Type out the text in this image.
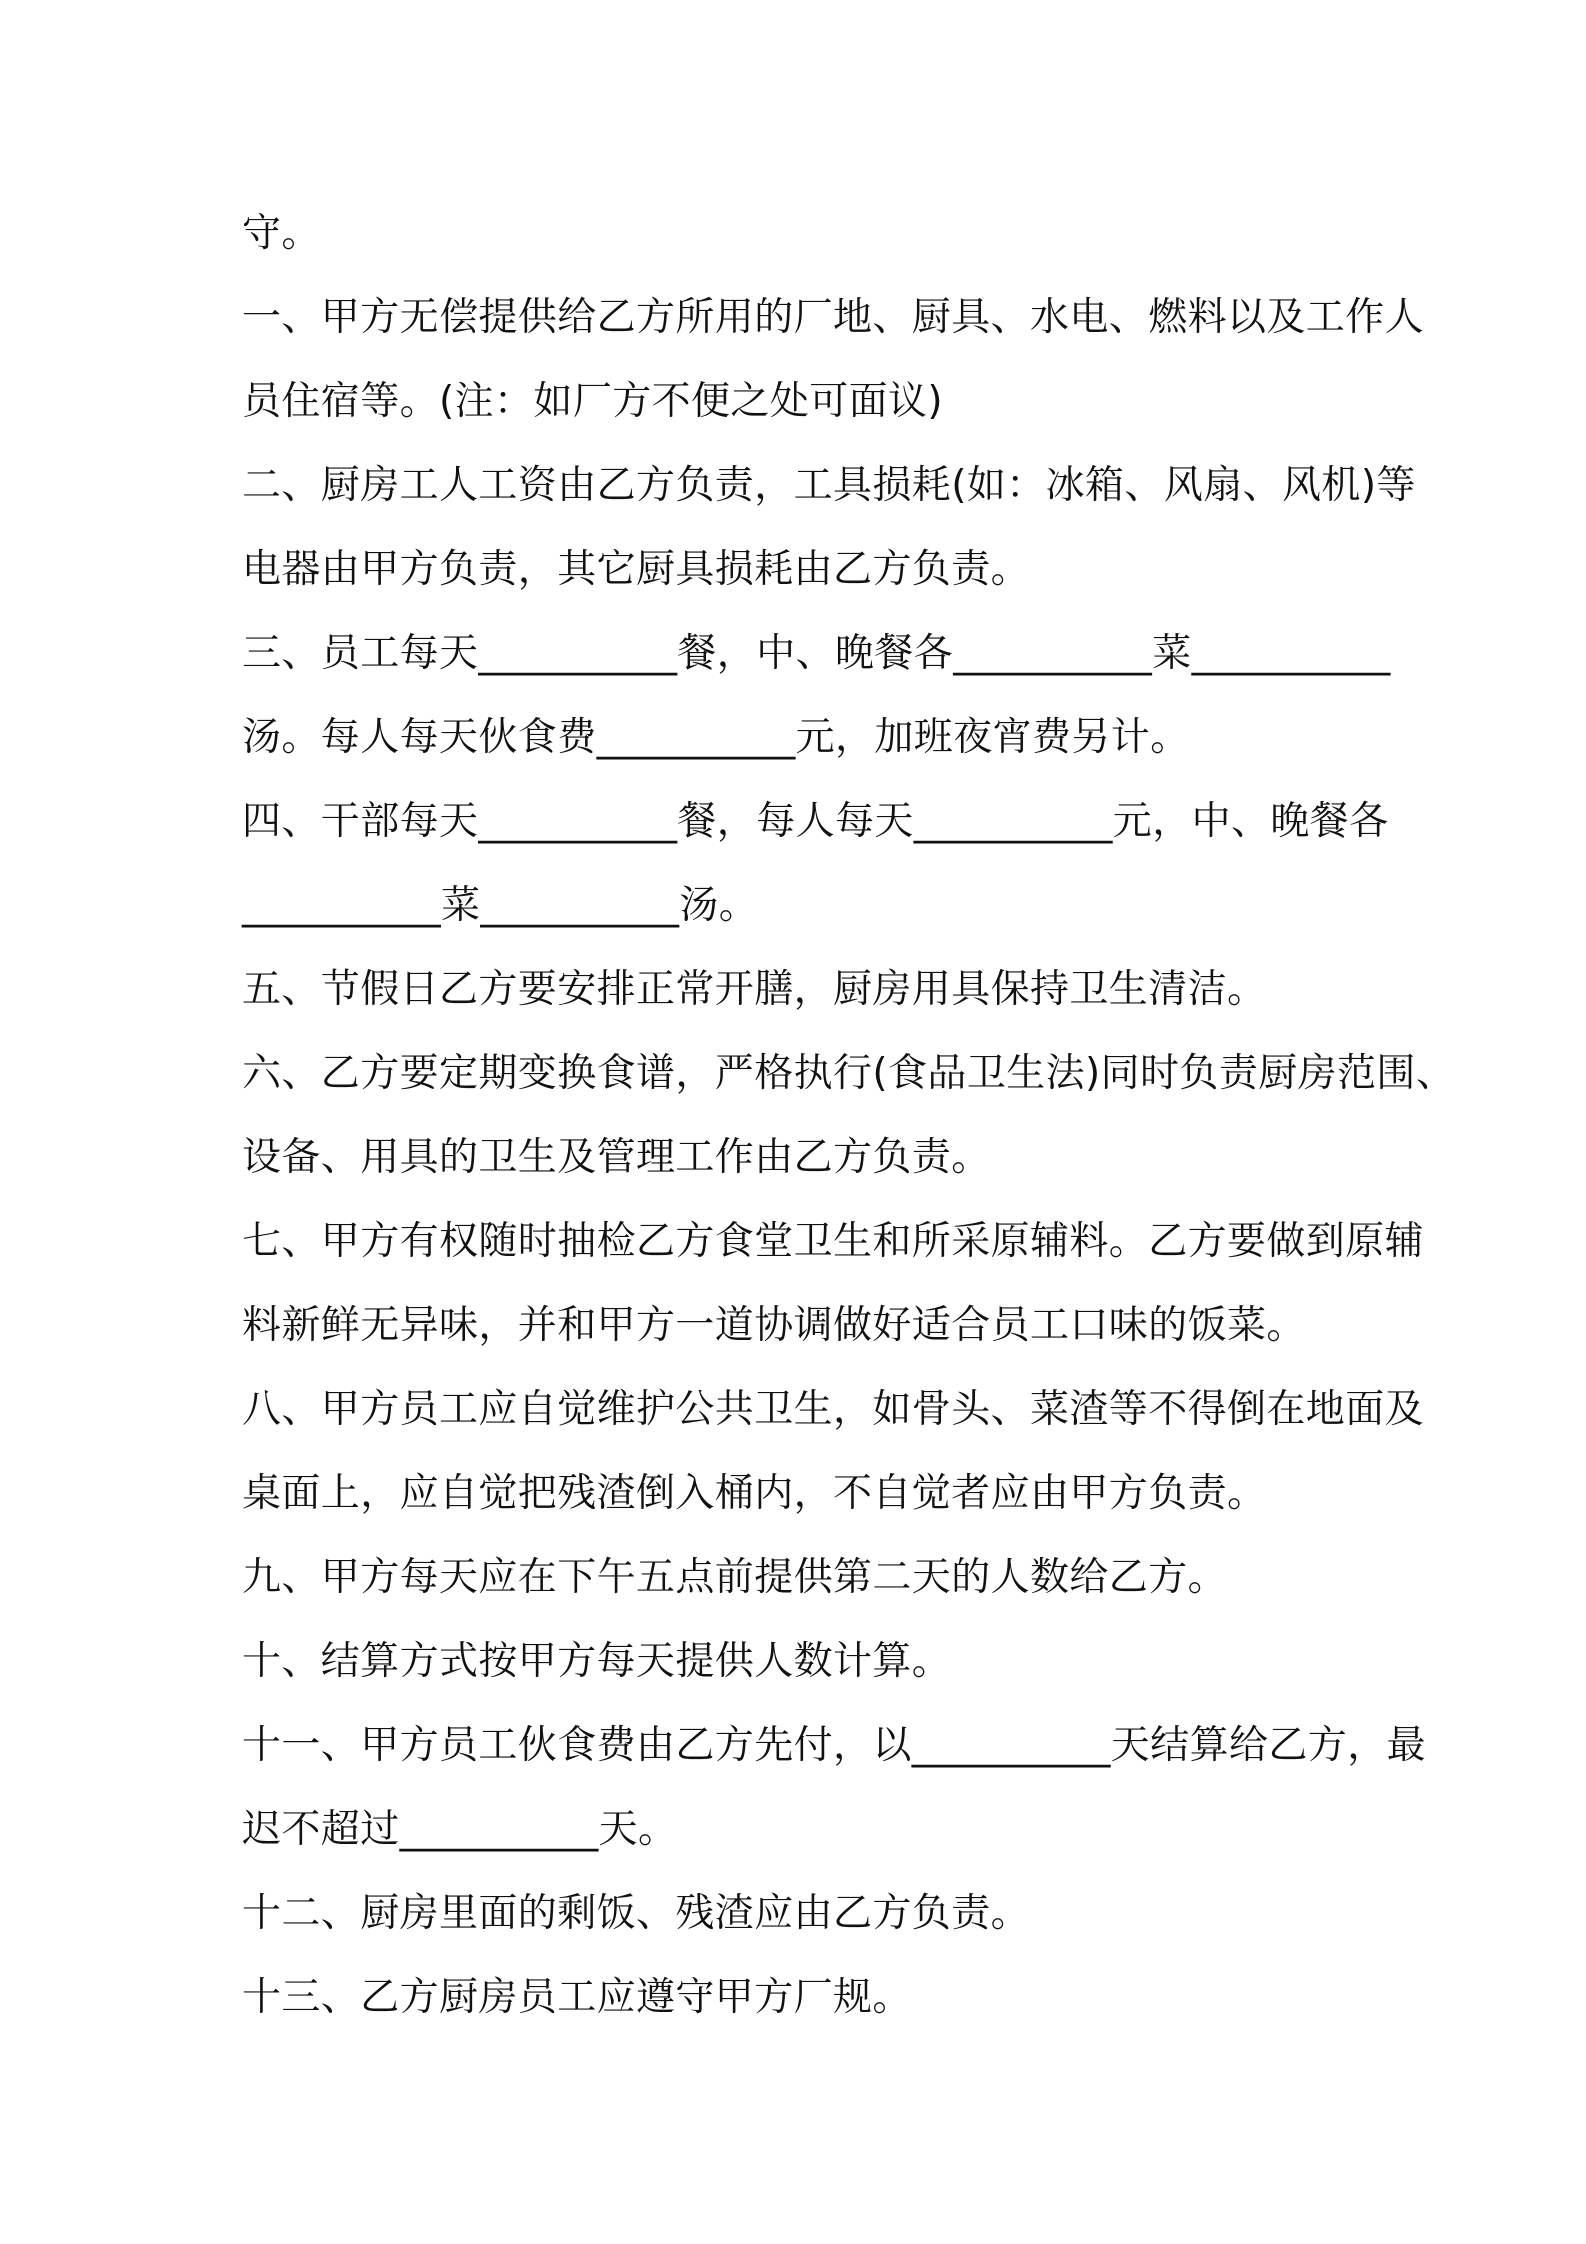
守。
一、甲方无偿提供给乙方所用的厂地、厨具、水电、燃料以及工作人
员住宿等。(注：如厂方不便之处可面议)
二、厨房工人工资由乙方负责，工具损耗(如：冰箱、风扇、风机)等
电器由甲方负责，其它厨具损耗由乙方负责。
三、员工每天__________餐，中、晚餐各__________菜__________
汤。每人每天伙食费__________元，加班夜宵费另计。
四、干部每天__________餐，每人每天__________元，中、晚餐各
__________菜__________汤。
五、节假日乙方要安排正常开膳，厨房用具保持卫生清洁。
六、乙方要定期变换食谱，严格执行(食品卫生法)同时负责厨房范围、
设备、用具的卫生及管理工作由乙方负责。
七、甲方有权随时抽检乙方食堂卫生和所采原辅料。乙方要做到原辅
料新鲜无异味，并和甲方一道协调做好适合员工口味的饭菜。
八、甲方员工应自觉维护公共卫生，如骨头、菜渣等不得倒在地面及
桌面上，应自觉把残渣倒入桶内，不自觉者应由甲方负责。
九、甲方每天应在下午五点前提供第二天的人数给乙方。
十、结算方式按甲方每天提供人数计算。
十一、甲方员工伙食费由乙方先付，以__________天结算给乙方，最
迟不超过__________天。
十二、厨房里面的剩饭、残渣应由乙方负责。
十三、乙方厨房员工应遵守甲方厂规。
